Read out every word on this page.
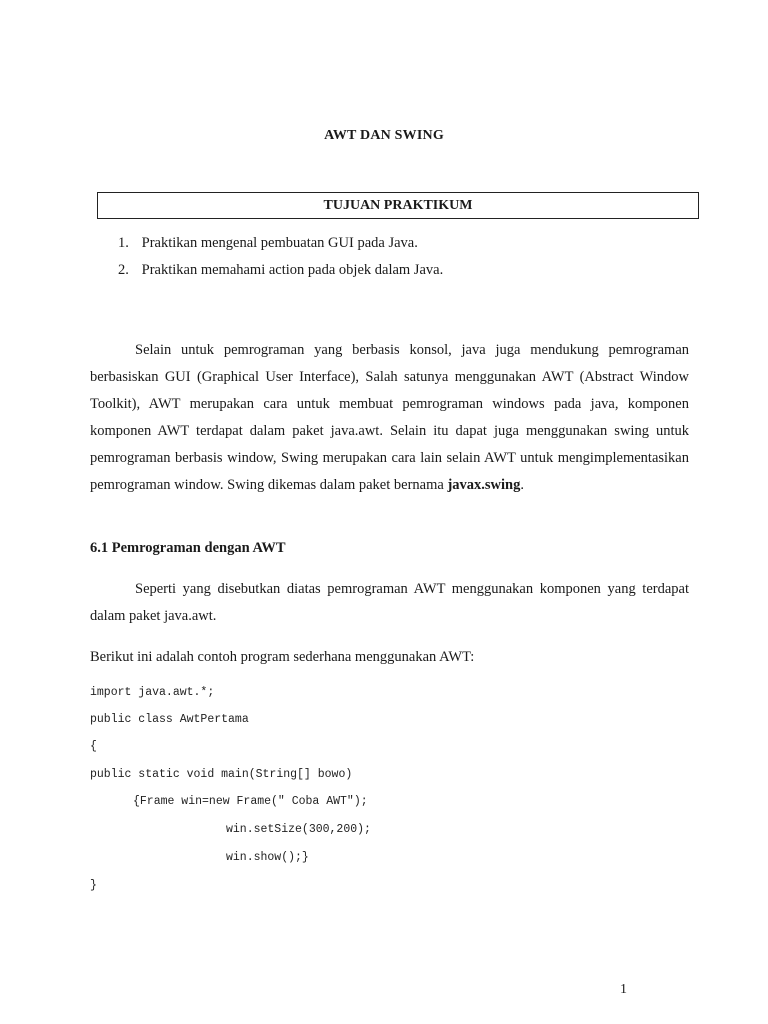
AWT DAN SWING
TUJUAN PRAKTIKUM
1. Praktikan mengenal pembuatan GUI pada Java.
2. Praktikan memahami action pada objek dalam Java.

Selain untuk pemrograman yang berbasis konsol, java juga mendukung pemrograman berbasiskan GUI (Graphical User Interface), Salah satunya menggunakan AWT (Abstract Window Toolkit), AWT merupakan cara untuk membuat pemrograman windows pada java, komponen komponen AWT terdapat dalam paket java.awt. Selain itu dapat juga menggunakan swing untuk pemrograman berbasis window, Swing merupakan cara lain selain AWT untuk mengimplementasikan pemrograman window. Swing dikemas dalam paket bernama javax.swing.

6.1 Pemrograman dengan AWT

Seperti yang disebutkan diatas pemrograman AWT menggunakan komponen yang terdapat dalam paket java.awt.

Berikut ini adalah contoh program sederhana menggunakan AWT:

import java.awt.*;
public class AwtPertama
{
public static void main(String[] bowo)
{Frame win=new Frame(" Coba AWT");
win.setSize(300,200);
win.show();}
}
1
